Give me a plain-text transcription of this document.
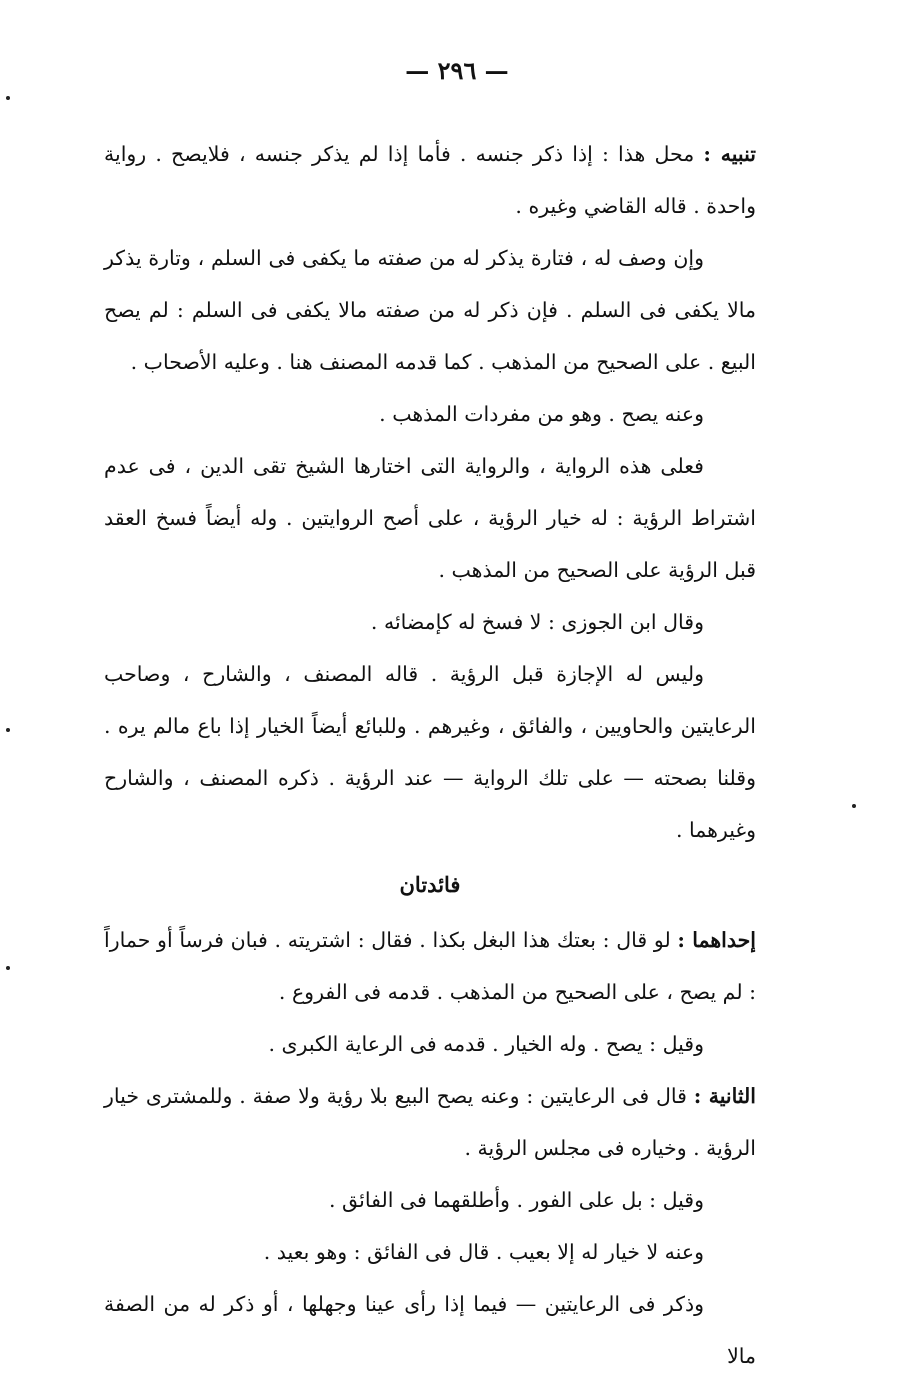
— ٢٩٦ —

تنبيه : محل هذا : إذا ذكر جنسه . فأما إذا لم يذكر جنسه ، فلايصح . رواية واحدة . قاله القاضي وغيره .

وإن وصف له ، فتارة يذكر له من صفته ما يكفى فى السلم ، وتارة يذكر مالا يكفى فى السلم . فإن ذكر له من صفته مالا يكفى فى السلم : لم يصح البيع . على الصحيح من المذهب . كما قدمه المصنف هنا . وعليه الأصحاب .

وعنه يصح . وهو من مفردات المذهب .

فعلى هذه الرواية ، والرواية التى اختارها الشيخ تقى الدين ، فى عدم اشتراط الرؤية : له خيار الرؤية ، على أصح الروايتين . وله أيضاً فسخ العقد قبل الرؤية على الصحيح من المذهب .

وقال ابن الجوزى : لا فسخ له كإمضائه .

وليس له الإجازة قبل الرؤية . قاله المصنف ، والشارح ، وصاحب الرعايتين والحاويين ، والفائق ، وغيرهم . وللبائع أيضاً الخيار إذا باع مالم يره . وقلنا بصحته — على تلك الرواية — عند الرؤية . ذكره المصنف ، والشارح وغيرهما .

فائدتان

إحداهما : لو قال : بعتك هذا البغل بكذا . فقال : اشتريته . فبان فرساً أو حماراً : لم يصح ، على الصحيح من المذهب . قدمه فى الفروع .

وقيل : يصح . وله الخيار . قدمه فى الرعاية الكبرى .

الثانية : قال فى الرعايتين : وعنه يصح البيع بلا رؤية ولا صفة . وللمشترى خيار الرؤية . وخياره فى مجلس الرؤية .

وقيل : بل على الفور . وأطلقهما فى الفائق .

وعنه لا خيار له إلا بعيب . قال فى الفائق : وهو بعيد .

وذكر فى الرعايتين — فيما إذا رأى عينا وجهلها ، أو ذكر له من الصفة مالا
